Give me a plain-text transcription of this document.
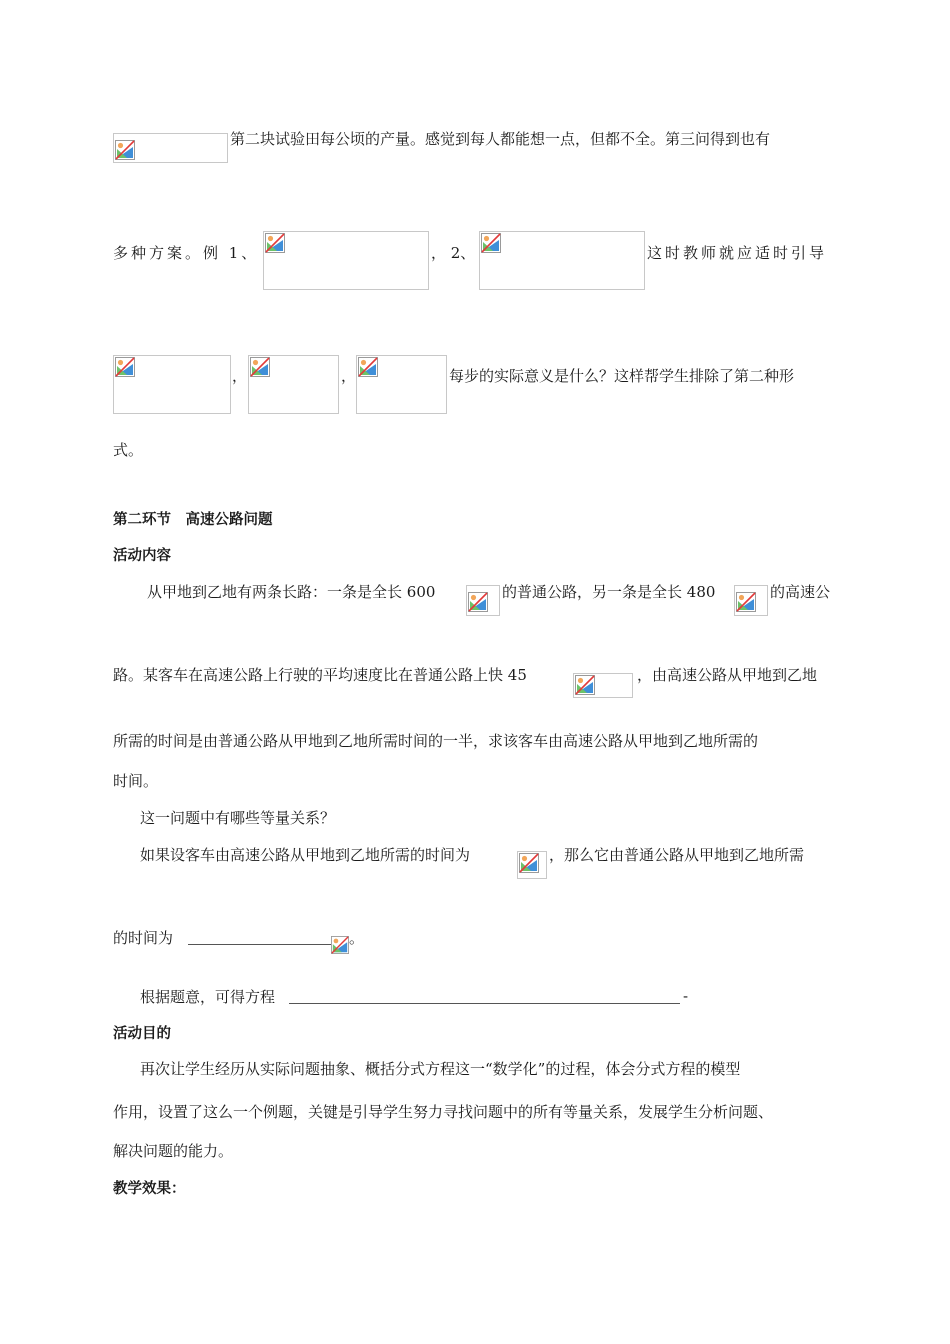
第二块试验田每公顷的产量。感觉到每人都能想一点，但都不全。第三问得到也有
多种方案。例 1、	， 2、	这时教师就应适时引导
，	，	每步的实际意义是什么？这样帮学生排除了第二种形
式。
第二环节　高速公路问题
活动内容
从甲地到乙地有两条长路：一条是全长 600	的普通公路，另一条是全长 480	的高速公
路。某客车在高速公路上行驶的平均速度比在普通公路上快 45	，由高速公路从甲地到乙地
所需的时间是由普通公路从甲地到乙地所需时间的一半，求该客车由高速公路从甲地到乙地所需的
时间。
这一问题中有哪些等量关系？
如果设客车由高速公路从甲地到乙地所需的时间为	，那么它由普通公路从甲地到乙地所需
的时间为	。
根据题意，可得方程	-
活动目的
再次让学生经历从实际问题抽象、概括分式方程这一“数学化”的过程，体会分式方程的模型
作用，设置了这么一个例题，关键是引导学生努力寻找问题中的所有等量关系，发展学生分析问题、
解决问题的能力。
教学效果：
